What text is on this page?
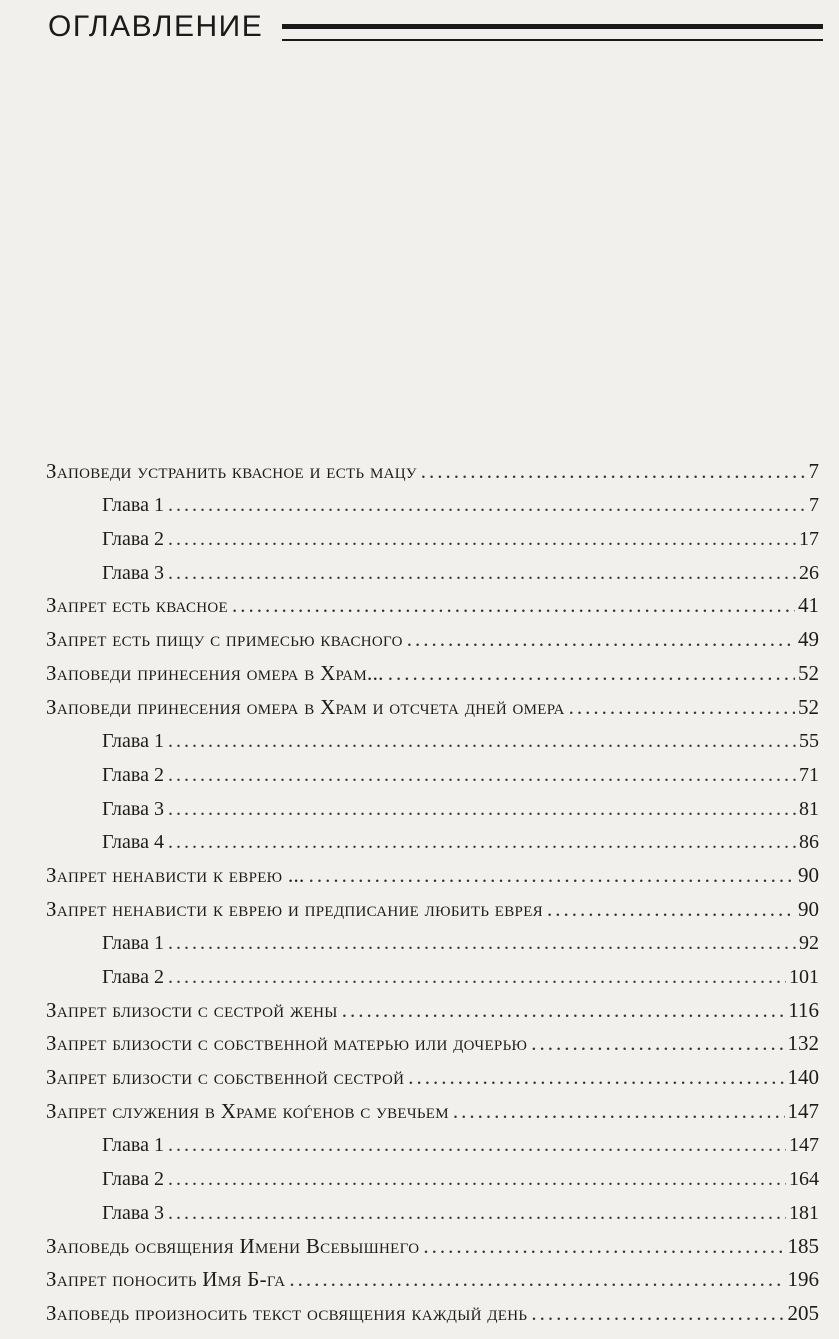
ОГЛАВЛЕНИЕ
Заповеди устранить квасное и есть мацу .....	7
Глава 1 .....	7
Глава 2 .....	17
Глава 3 .....	26
Запрет есть квасное .....	41
Запрет есть пищу с примесью квасного .....	49
Заповеди принесения омера в Храм... .....	52
Заповеди принесения омера в Храм и отсчета дней омера .....	52
Глава 1 .....	55
Глава 2 .....	71
Глава 3 .....	81
Глава 4 .....	86
Запрет ненависти к еврею ... .....	90
Запрет ненависти к еврею и предписание любить еврея .....	90
Глава 1 .....	92
Глава 2 .....	101
Запрет близости с сестрой жены .....	116
Запрет близости с собственной матерью или дочерью .....	132
Запрет близости с собственной сестрой .....	140
Запрет служения в Храме коѓенов с увечьем .....	147
Глава 1 .....	147
Глава 2 .....	164
Глава 3 .....	181
Заповедь освящения Имени Всевышнего .....	185
Запрет поносить Имя Б-га .....	196
Заповедь произносить текст освящения каждый день .....	205
